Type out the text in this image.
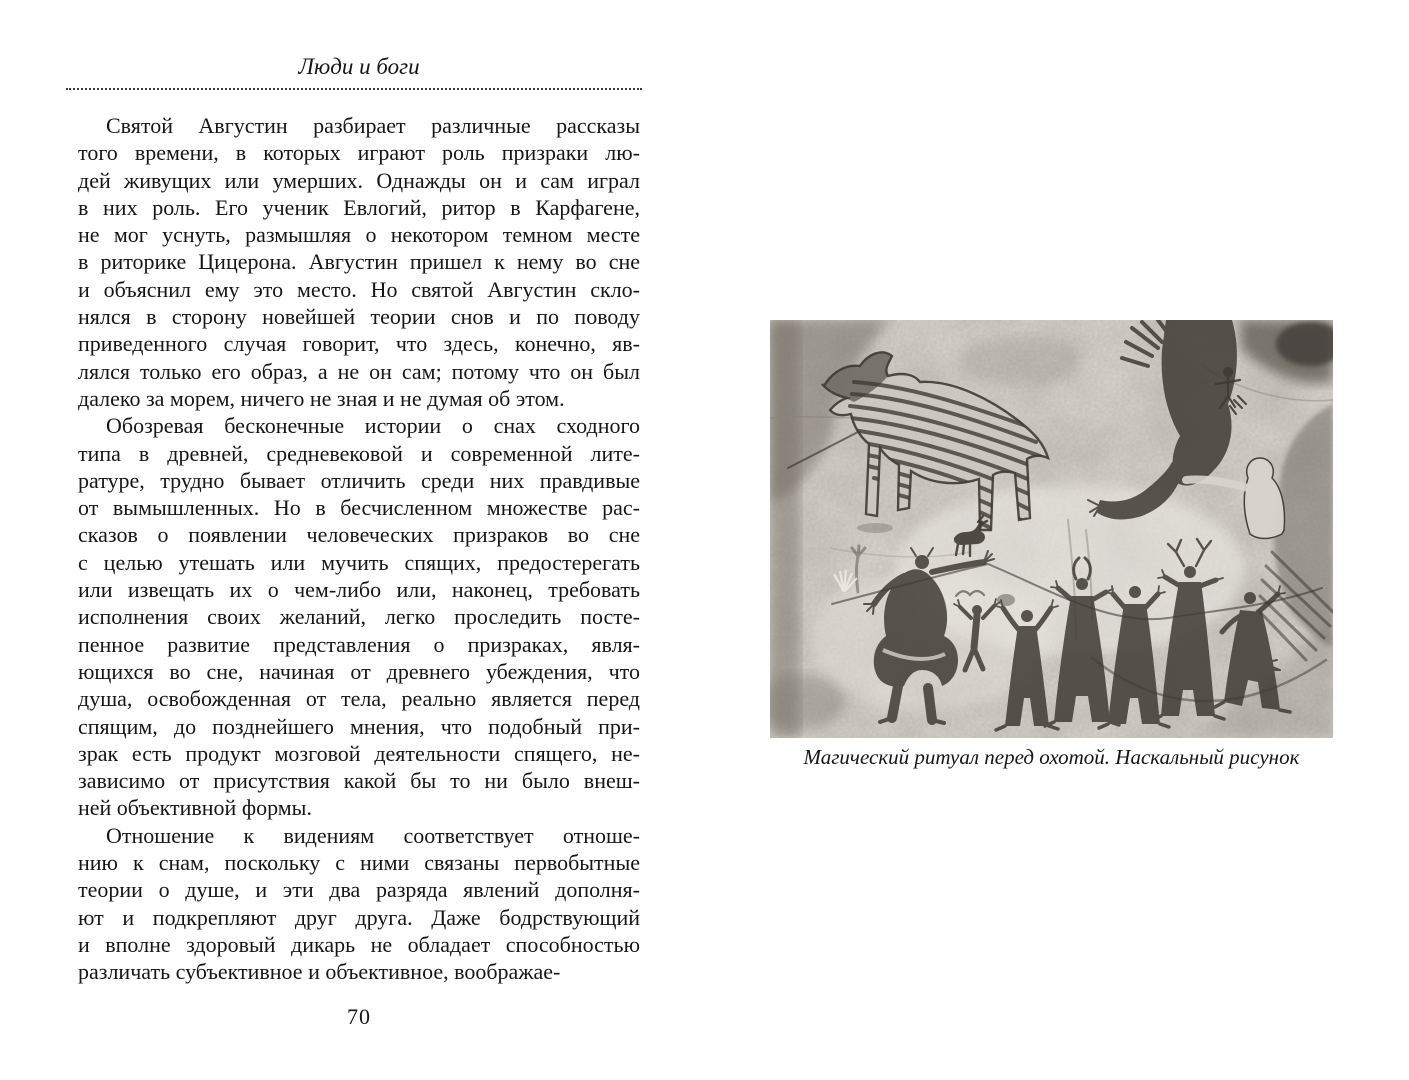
Люди и боги
Святой Августин разбирает различные рассказы
того времени, в которых играют роль призраки лю-
дей живущих или умерших. Однажды он и сам играл
в них роль. Его ученик Евлогий, ритор в Карфагене,
не мог уснуть, размышляя о некотором темном месте
в риторике Цицерона. Августин пришел к нему во сне
и объяснил ему это место. Но святой Августин скло-
нялся в сторону новейшей теории снов и по поводу
приведенного случая говорит, что здесь, конечно, яв-
лялся только его образ, а не он сам; потому что он был
далеко за морем, ничего не зная и не думая об этом.
Обозревая бесконечные истории о снах сходного
типа в древней, средневековой и современной лите-
ратуре, трудно бывает отличить среди них правдивые
от вымышленных. Но в бесчисленном множестве рас-
сказов о появлении человеческих призраков во сне
с целью утешать или мучить спящих, предостерегать
или извещать их о чем-либо или, наконец, требовать
исполнения своих желаний, легко проследить посте-
пенное развитие представления о призраках, явля-
ющихся во сне, начиная от древнего убеждения, что
душа, освобожденная от тела, реально является перед
спящим, до позднейшего мнения, что подобный при-
зрак есть продукт мозговой деятельности спящего, не-
зависимо от присутствия какой бы то ни было внеш-
ней объективной формы.
Отношение к видениям соответствует отноше-
нию к снам, поскольку с ними связаны первобытные
теории о душе, и эти два разряда явлений дополня-
ют и подкрепляют друг друга. Даже бодрствующий
и вполне здоровый дикарь не обладает способностью
различать субъективное и объективное, воображае-
70
Магический ритуал перед охотой. Наскальный рисунок
